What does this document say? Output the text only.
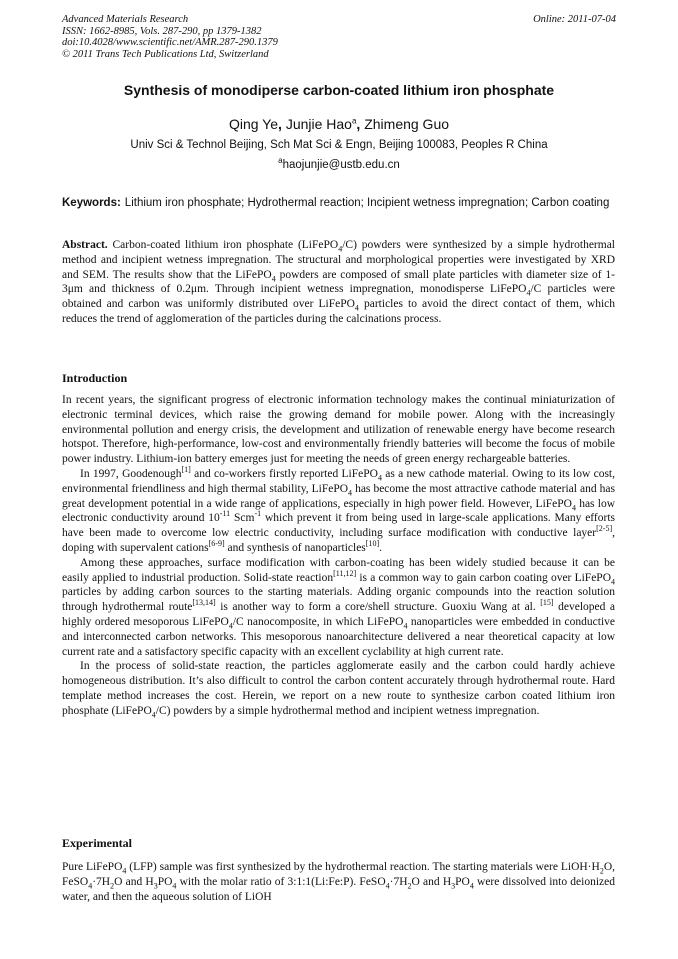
Advanced Materials Research
ISSN: 1662-8985, Vols. 287-290, pp 1379-1382
doi:10.4028/www.scientific.net/AMR.287-290.1379
© 2011 Trans Tech Publications Ltd, Switzerland
Online: 2011-07-04
Synthesis of monodiperse carbon-coated lithium iron phosphate
Qing Ye, Junjie Hao$^a$, Zhimeng Guo
Univ Sci & Technol Beijing, Sch Mat Sci & Engn, Beijing 100083, Peoples R China
$^a$haojunjie@ustb.edu.cn
Keywords: Lithium iron phosphate; Hydrothermal reaction; Incipient wetness impregnation; Carbon coating

Abstract. Carbon-coated lithium iron phosphate (LiFePO$_4$/C) powders were synthesized by a simple hydrothermal method and incipient wetness impregnation. The structural and morphological properties were investigated by XRD and SEM. The results show that the LiFePO$_4$ powders are composed of small plate particles with diameter size of 1-3μm and thickness of 0.2μm. Through incipient wetness impregnation, monodisperse LiFePO$_4$/C particles were obtained and carbon was uniformly distributed over LiFePO$_4$ particles to avoid the direct contact of them, which reduces the trend of agglomeration of the particles during the calcinations process.

Introduction

In recent years, the significant progress of electronic information technology makes the continual miniaturization of electronic terminal devices, which raise the growing demand for mobile power. Along with the increasingly environmental pollution and energy crisis, the development and utilization of renewable energy have become research hotspot. Therefore, high-performance, low-cost and environmentally friendly batteries will become the focus of mobile power industry. Lithium-ion battery emerges just for meeting the needs of green energy rechargeable batteries.

In 1997, Goodenough[1] and co-workers firstly reported LiFePO$_4$ as a new cathode material. Owing to its low cost, environmental friendliness and high thermal stability, LiFePO$_4$ has become the most attractive cathode material and has great development potential in a wide range of applications, especially in high power field. However, LiFePO$_4$ has low electronic conductivity around $10^{-11}$ Scm$^{-1}$ which prevent it from being used in large-scale applications. Many efforts have been made to overcome low electric conductivity, including surface modification with conductive layer[2-5], doping with supervalent cations[6-9] and synthesis of nanoparticles[10].

Among these approaches, surface modification with carbon-coating has been widely studied because it can be easily applied to industrial production. Solid-state reaction[11,12] is a common way to gain carbon coating over LiFePO$_4$ particles by adding carbon sources to the starting materials. Adding organic compounds into the reaction solution through hydrothermal route[13,14] is another way to form a core/shell structure. Guoxiu Wang at al. [15] developed a highly ordered mesoporous LiFePO$_4$/C nanocomposite, in which LiFePO$_4$ nanoparticles were embedded in conductive and interconnected carbon networks. This mesoporous nanoarchitecture delivered a near theoretical capacity at low current rate and a satisfactory specific capacity with an excellent cyclability at high current rate.

In the process of solid-state reaction, the particles agglomerate easily and the carbon could hardly achieve homogeneous distribution. It’s also difficult to control the carbon content accurately through hydrothermal route. Hard template method increases the cost. Herein, we report on a new route to synthesize carbon coated lithium iron phosphate (LiFePO$_4$/C) powders by a simple hydrothermal method and incipient wetness impregnation.

Experimental

Pure LiFePO$_4$ (LFP) sample was first synthesized by the hydrothermal reaction. The starting materials were $LiOH\cdot H_2O$, $FeSO_4\cdot 7H_2O$ and $H_3PO_4$ with the molar ratio of 3:1:1(Li:Fe:P). $FeSO_4\cdot 7H_2O$ and $H_3PO_4$ were dissolved into deionized water, and then the aqueous solution of LiOH
